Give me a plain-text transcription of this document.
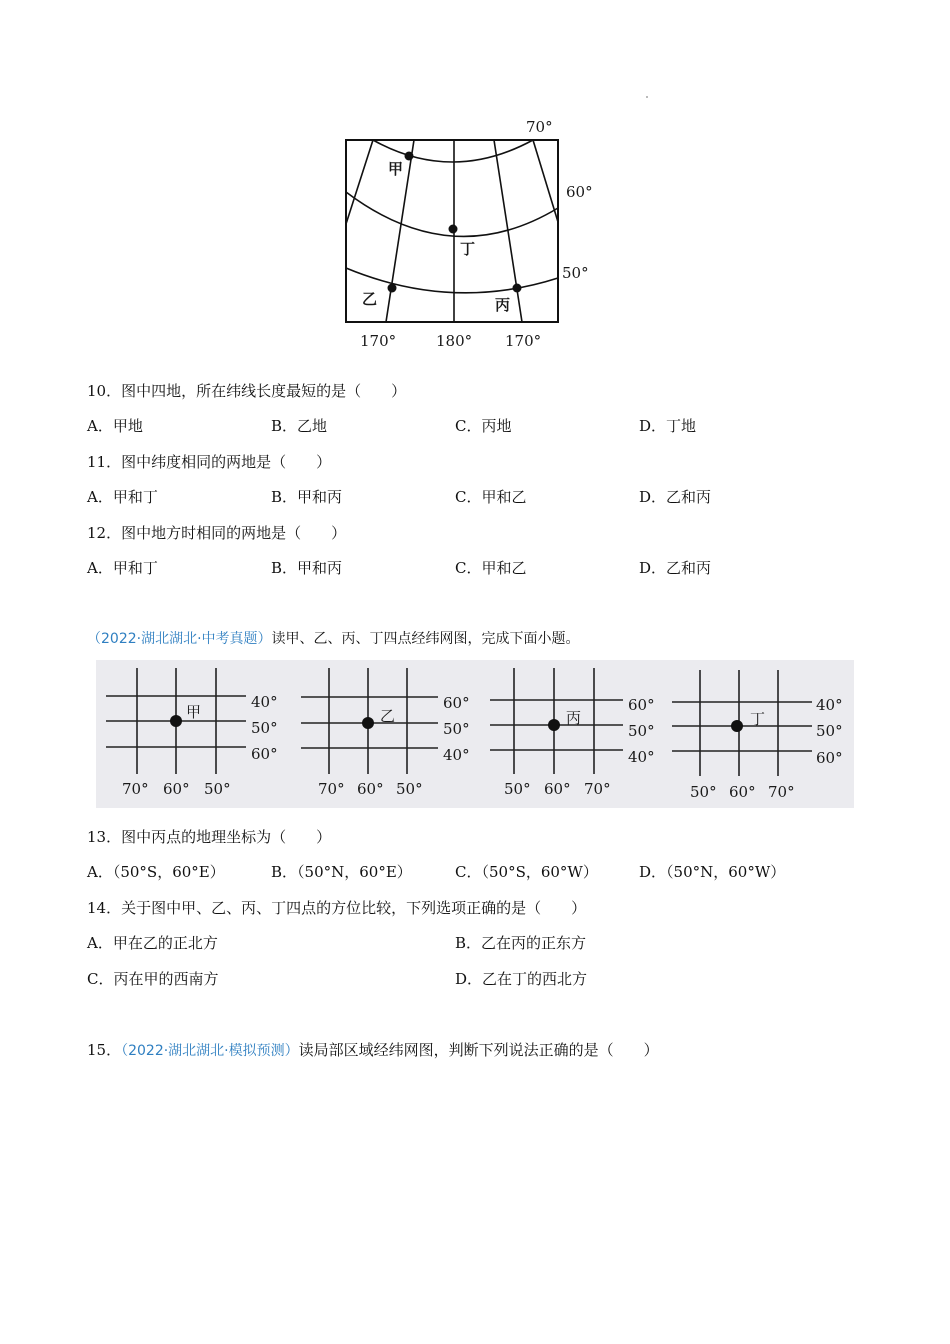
甲
丁
乙	丙
70°
60°
50°
170°	180° 170°
10．图中四地，所在纬线长度最短的是（　　）
A．甲地	B．乙地	C．丙地	D．丁地
11．图中纬度相同的两地是（　　）
A．甲和丁	B．甲和丙	C．甲和乙	D．乙和丙
12．图中地方时相同的两地是（　　）
A．甲和丁	B．甲和丙	C．甲和乙	D．乙和丙
（2022·湖北湖北·中考真题）读甲、乙、丙、丁四点经纬网图，完成下面小题。
甲
40°
50°
60°
70° 60° 50°
乙
60°
50°
40°
70° 60° 50°
丙
60°
50°
40°
50° 60° 70°
丁
40°
50°
60°
50° 60° 70°
13．图中丙点的地理坐标为（　　）
A．（50°S，60°E）	B．（50°N，60°E）	C．（50°S，60°W）	D．（50°N，60°W）
14．关于图中甲、乙、丙、丁四点的方位比较，下列选项正确的是（　　）
A．甲在乙的正北方	B．乙在丙的正东方
C．丙在甲的西南方	D．乙在丁的西北方
15．（2022·湖北湖北·模拟预测）读局部区域经纬网图，判断下列说法正确的是（　　）
